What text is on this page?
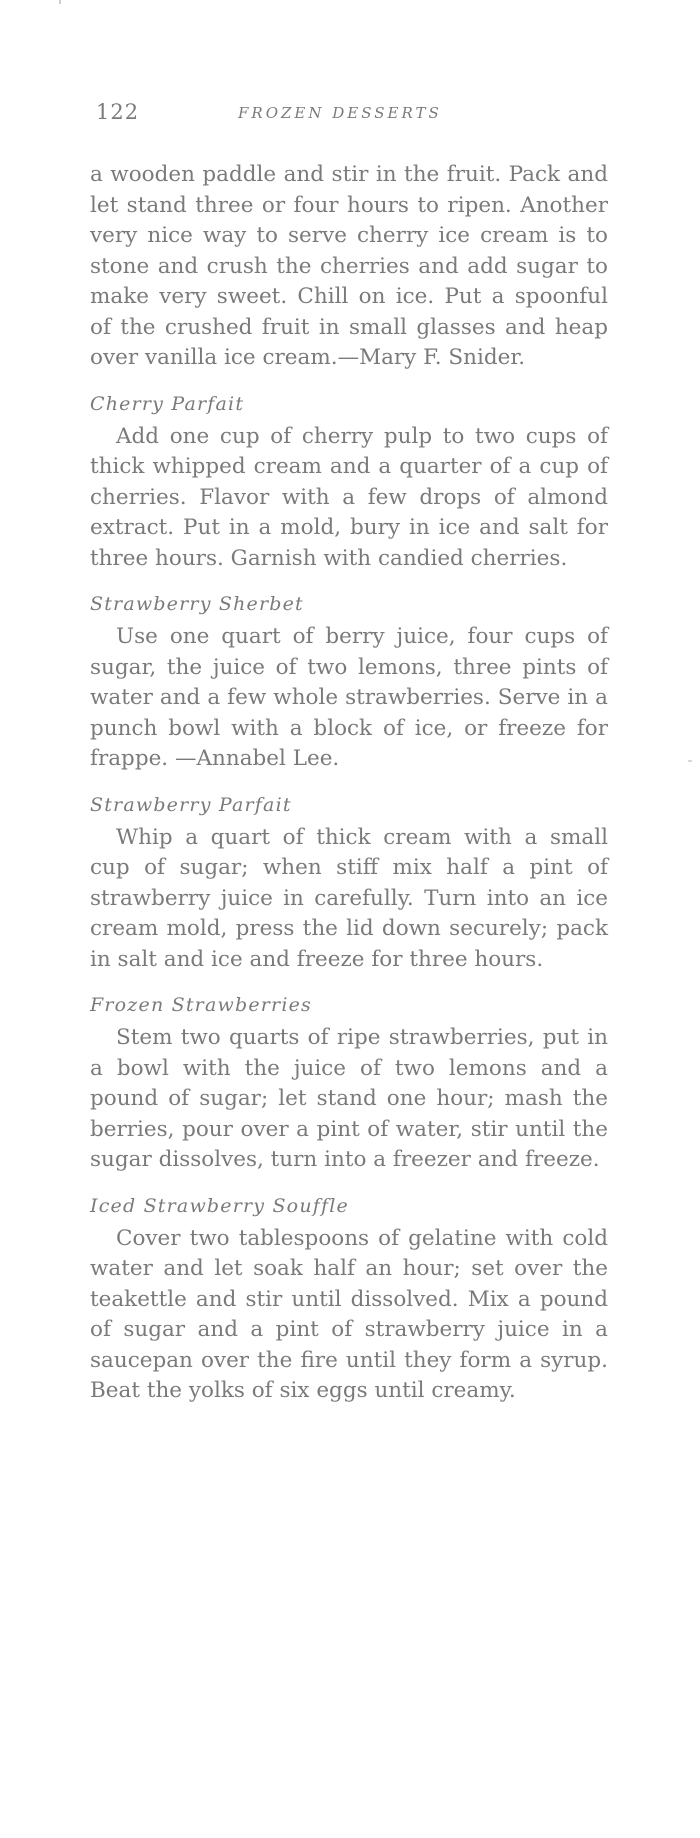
122	FROZEN DESSERTS

a wooden paddle and stir in the fruit. Pack and let stand three or four hours to ripen. Another very nice way to serve cherry ice cream is to stone and crush the cherries and add sugar to make very sweet. Chill on ice. Put a spoonful of the crushed fruit in small glasses and heap over vanilla ice cream.—Mary F. Snider.

Cherry Parfait

Add one cup of cherry pulp to two cups of thick whipped cream and a quarter of a cup of cherries. Flavor with a few drops of almond extract. Put in a mold, bury in ice and salt for three hours. Garnish with candied cherries.

Strawberry Sherbet

Use one quart of berry juice, four cups of sugar, the juice of two lemons, three pints of water and a few whole strawberries. Serve in a punch bowl with a block of ice, or freeze for frappe. —Annabel Lee.

Strawberry Parfait

Whip a quart of thick cream with a small cup of sugar; when stiff mix half a pint of strawberry juice in carefully. Turn into an ice cream mold, press the lid down securely; pack in salt and ice and freeze for three hours.

Frozen Strawberries

Stem two quarts of ripe strawberries, put in a bowl with the juice of two lemons and a pound of sugar; let stand one hour; mash the berries, pour over a pint of water, stir until the sugar dissolves, turn into a freezer and freeze.

Iced Strawberry Souffle

Cover two tablespoons of gelatine with cold water and let soak half an hour; set over the teakettle and stir until dissolved. Mix a pound of sugar and a pint of strawberry juice in a saucepan over the fire until they form a syrup. Beat the yolks of six eggs until creamy.
